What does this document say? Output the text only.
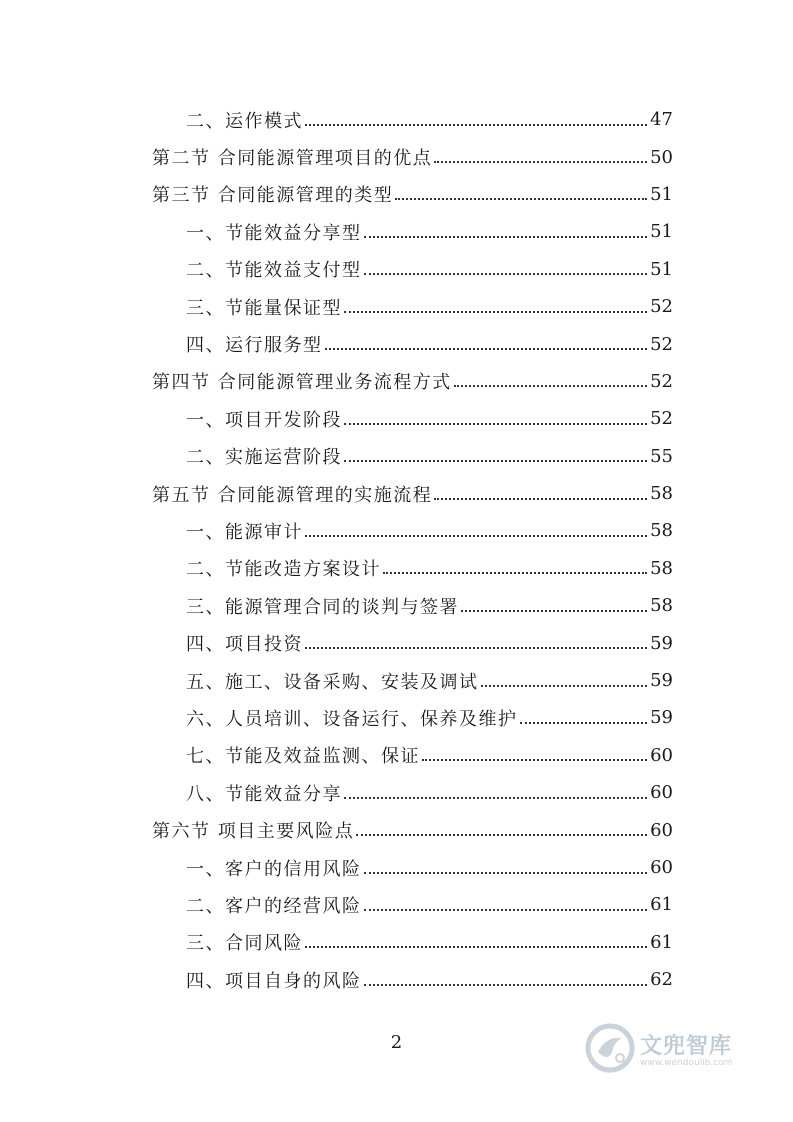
二、运作模式	47
第二节 合同能源管理项目的优点	50
第三节 合同能源管理的类型	51
一、节能效益分享型	51
二、节能效益支付型	51
三、节能量保证型	52
四、运行服务型	52
第四节 合同能源管理业务流程方式	52
一、项目开发阶段	52
二、实施运营阶段	55
第五节 合同能源管理的实施流程	58
一、能源审计	58
二、节能改造方案设计	58
三、能源管理合同的谈判与签署	58
四、项目投资	59
五、施工、设备采购、安装及调试	59
六、人员培训、设备运行、保养及维护	59
七、节能及效益监测、保证	60
八、节能效益分享	60
第六节 项目主要风险点	60
一、客户的信用风险	60
二、客户的经营风险	61
三、合同风险	61
四、项目自身的风险	62
2	文兜智库
www.wendoulib.com
